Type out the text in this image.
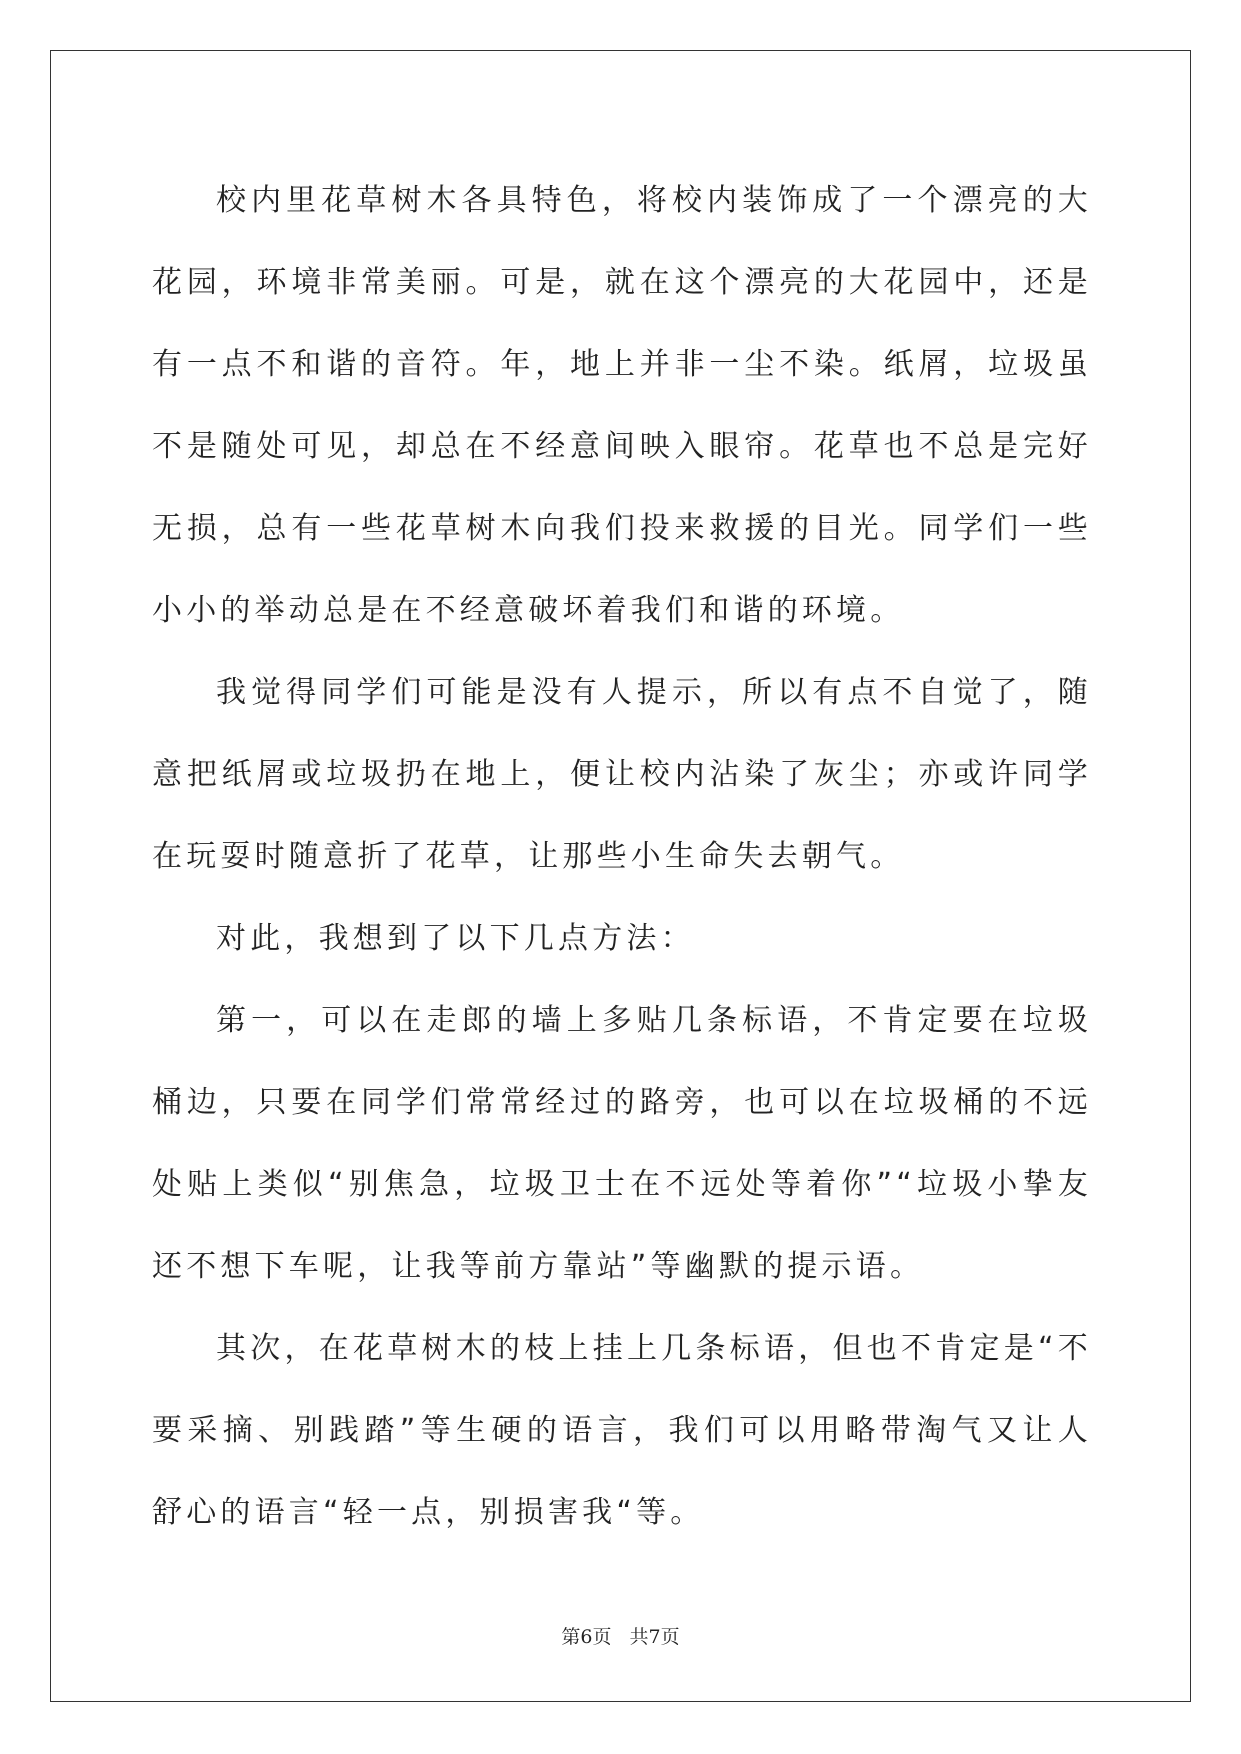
校内里花草树木各具特色，将校内装饰成了一个漂亮的大花园，环境非常美丽。可是，就在这个漂亮的大花园中，还是有一点不和谐的音符。年，地上并非一尘不染。纸屑，垃圾虽不是随处可见，却总在不经意间映入眼帘。花草也不总是完好无损，总有一些花草树木向我们投来救援的目光。同学们一些小小的举动总是在不经意破坏着我们和谐的环境。

我觉得同学们可能是没有人提示，所以有点不自觉了，随意把纸屑或垃圾扔在地上，便让校内沾染了灰尘；亦或许同学在玩耍时随意折了花草，让那些小生命失去朝气。

对此，我想到了以下几点方法：

第一，可以在走郎的墙上多贴几条标语，不肯定要在垃圾桶边，只要在同学们常常经过的路旁，也可以在垃圾桶的不远处贴上类似“别焦急，垃圾卫士在不远处等着你”“垃圾小挚友还不想下车呢，让我等前方靠站”等幽默的提示语。

其次，在花草树木的枝上挂上几条标语，但也不肯定是“不要采摘、别践踏”等生硬的语言，我们可以用略带淘气又让人舒心的语言“轻一点，别损害我“等。

第6页 共7页
